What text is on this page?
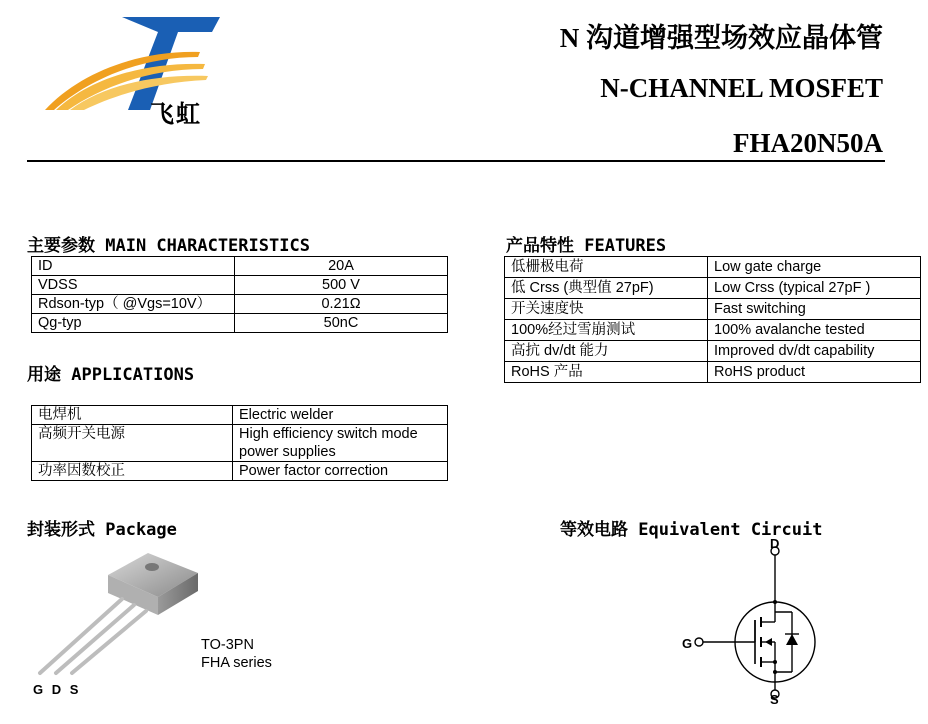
飞虹
N 沟道增强型场效应晶体管
N-CHANNEL MOSFET
FHA20N50A
主要参数 MAIN CHARACTERISTICS
ID	20A
VDSS	500 V
Rdson-typ（ @Vgs=10V）	0.21Ω
Qg-typ	50nC
产品特性 FEATURES
低栅极电荷	Low gate charge
低 Crss (典型值 27pF)	Low Crss (typical 27pF )
开关速度快	Fast switching
100%经过雪崩测试	100% avalanche tested
高抗 dv/dt 能力	Improved dv/dt capability
RoHS 产品	RoHS product
用途 APPLICATIONS
电焊机	Electric welder
高频开关电源	High efficiency switch mode power supplies
功率因数校正	Power factor correction
封装形式 Package
G D S
TO-3PN
FHA series
等效电路 Equivalent Circuit
D
G
S
